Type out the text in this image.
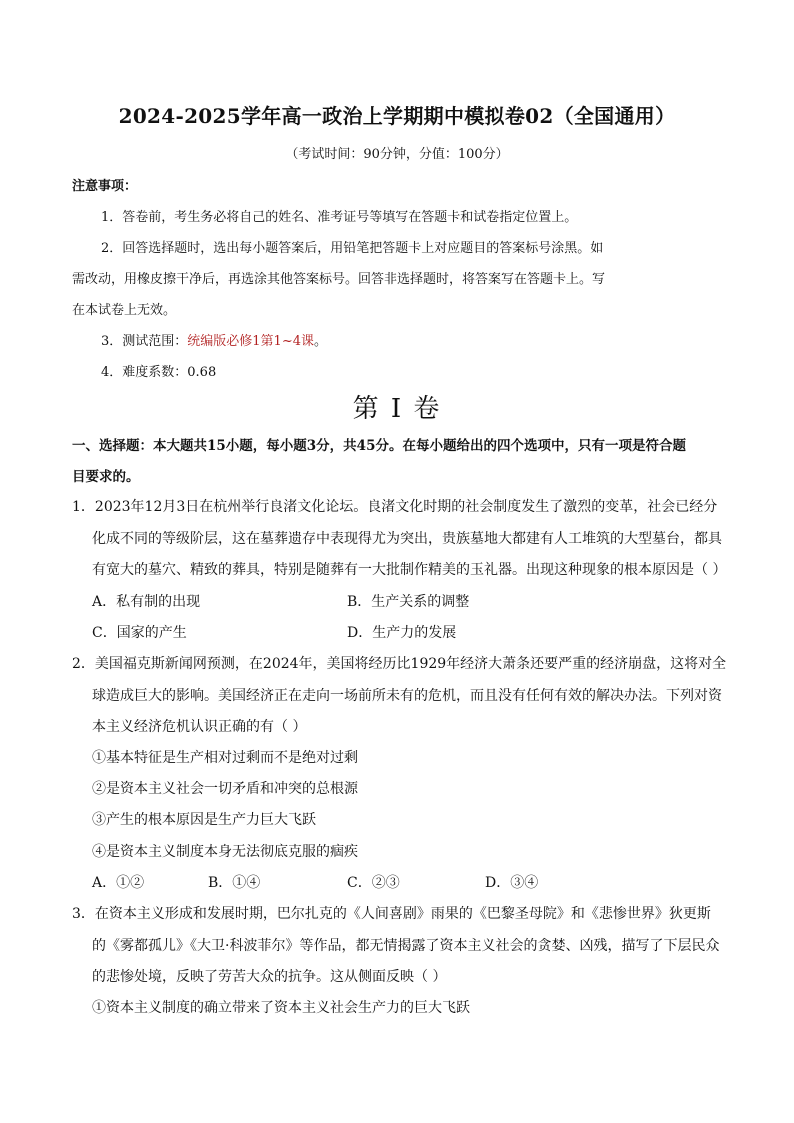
2024-2025学年高一政治上学期期中模拟卷02（全国通用）
（考试时间：90分钟，分值：100分）
注意事项：
1．答卷前，考生务必将自己的姓名、准考证号等填写在答题卡和试卷指定位置上。
2．回答选择题时，选出每小题答案后，用铅笔把答题卡上对应题目的答案标号涂黑。如
需改动，用橡皮擦干净后，再选涂其他答案标号。回答非选择题时，将答案写在答题卡上。写
在本试卷上无效。
3．测试范围：统编版必修1第1~4课。
4．难度系数：0.68
第 I 卷
一、选择题：本大题共15小题，每小题3分，共45分。在每小题给出的四个选项中，只有一项是符合题
目要求的。
1．2023年12月3日在杭州举行良渚文化论坛。良渚文化时期的社会制度发生了激烈的变革，社会已经分
化成不同的等级阶层，这在墓葬遗存中表现得尤为突出，贵族墓地大都建有人工堆筑的大型墓台，都具
有宽大的墓穴、精致的葬具，特别是随葬有一大批制作精美的玉礼器。出现这种现象的根本原因是（ ）
A．私有制的出现	B．生产关系的调整
C．国家的产生	D．生产力的发展
2．美国福克斯新闻网预测，在2024年，美国将经历比1929年经济大萧条还要严重的经济崩盘，这将对全
球造成巨大的影响。美国经济正在走向一场前所未有的危机，而且没有任何有效的解决办法。下列对资
本主义经济危机认识正确的有（ ）
①基本特征是生产相对过剩而不是绝对过剩
②是资本主义社会一切矛盾和冲突的总根源
③产生的根本原因是生产力巨大飞跃
④是资本主义制度本身无法彻底克服的痼疾
A．①②	B．①④	C．②③	D．③④
3．在资本主义形成和发展时期，巴尔扎克的《人间喜剧》雨果的《巴黎圣母院》和《悲惨世界》狄更斯
的《雾都孤儿》《大卫·科波菲尔》等作品，都无情揭露了资本主义社会的贪婪、凶残，描写了下层民众
的悲惨处境，反映了劳苦大众的抗争。这从侧面反映（ ）
①资本主义制度的确立带来了资本主义社会生产力的巨大飞跃
